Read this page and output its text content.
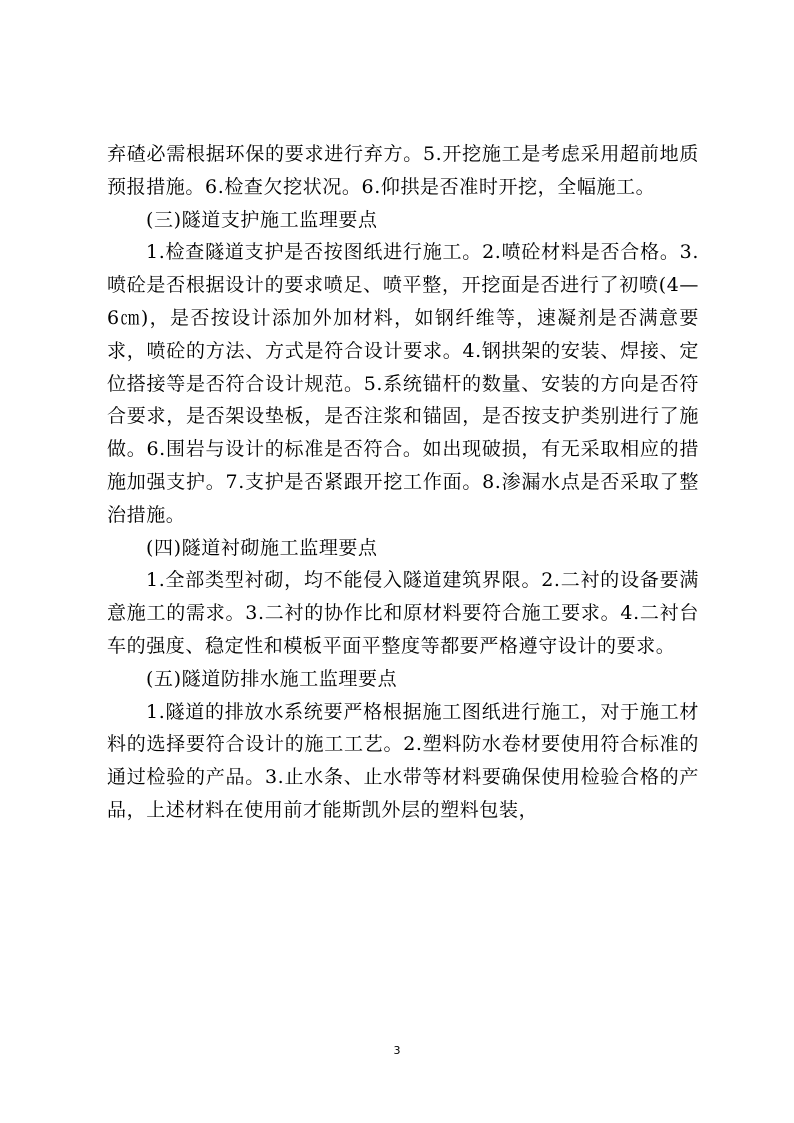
弃碴必需根据环保的要求进行弃方。5.开挖施工是考虑采用超前地质预报措施。6.检查欠挖状况。6.仰拱是否准时开挖，全幅施工。

(三)隧道支护施工监理要点

1.检查隧道支护是否按图纸进行施工。2.喷砼材料是否合格。3.喷砼是否根据设计的要求喷足、喷平整，开挖面是否进行了初喷(4—6㎝)，是否按设计添加外加材料，如钢纤维等，速凝剂是否满意要求，喷砼的方法、方式是符合设计要求。4.钢拱架的安装、焊接、定位搭接等是否符合设计规范。5.系统锚杆的数量、安装的方向是否符合要求，是否架设垫板，是否注浆和锚固，是否按支护类别进行了施做。6.围岩与设计的标准是否符合。如出现破损，有无采取相应的措施加强支护。7.支护是否紧跟开挖工作面。8.渗漏水点是否采取了整治措施。

(四)隧道衬砌施工监理要点

1.全部类型衬砌，均不能侵入隧道建筑界限。2.二衬的设备要满意施工的需求。3.二衬的协作比和原材料要符合施工要求。4.二衬台车的强度、稳定性和模板平面平整度等都要严格遵守设计的要求。

(五)隧道防排水施工监理要点

1.隧道的排放水系统要严格根据施工图纸进行施工，对于施工材料的选择要符合设计的施工工艺。2.塑料防水卷材要使用符合标准的通过检验的产品。3.止水条、止水带等材料要确保使用检验合格的产品，上述材料在使用前才能斯凯外层的塑料包装，

3
